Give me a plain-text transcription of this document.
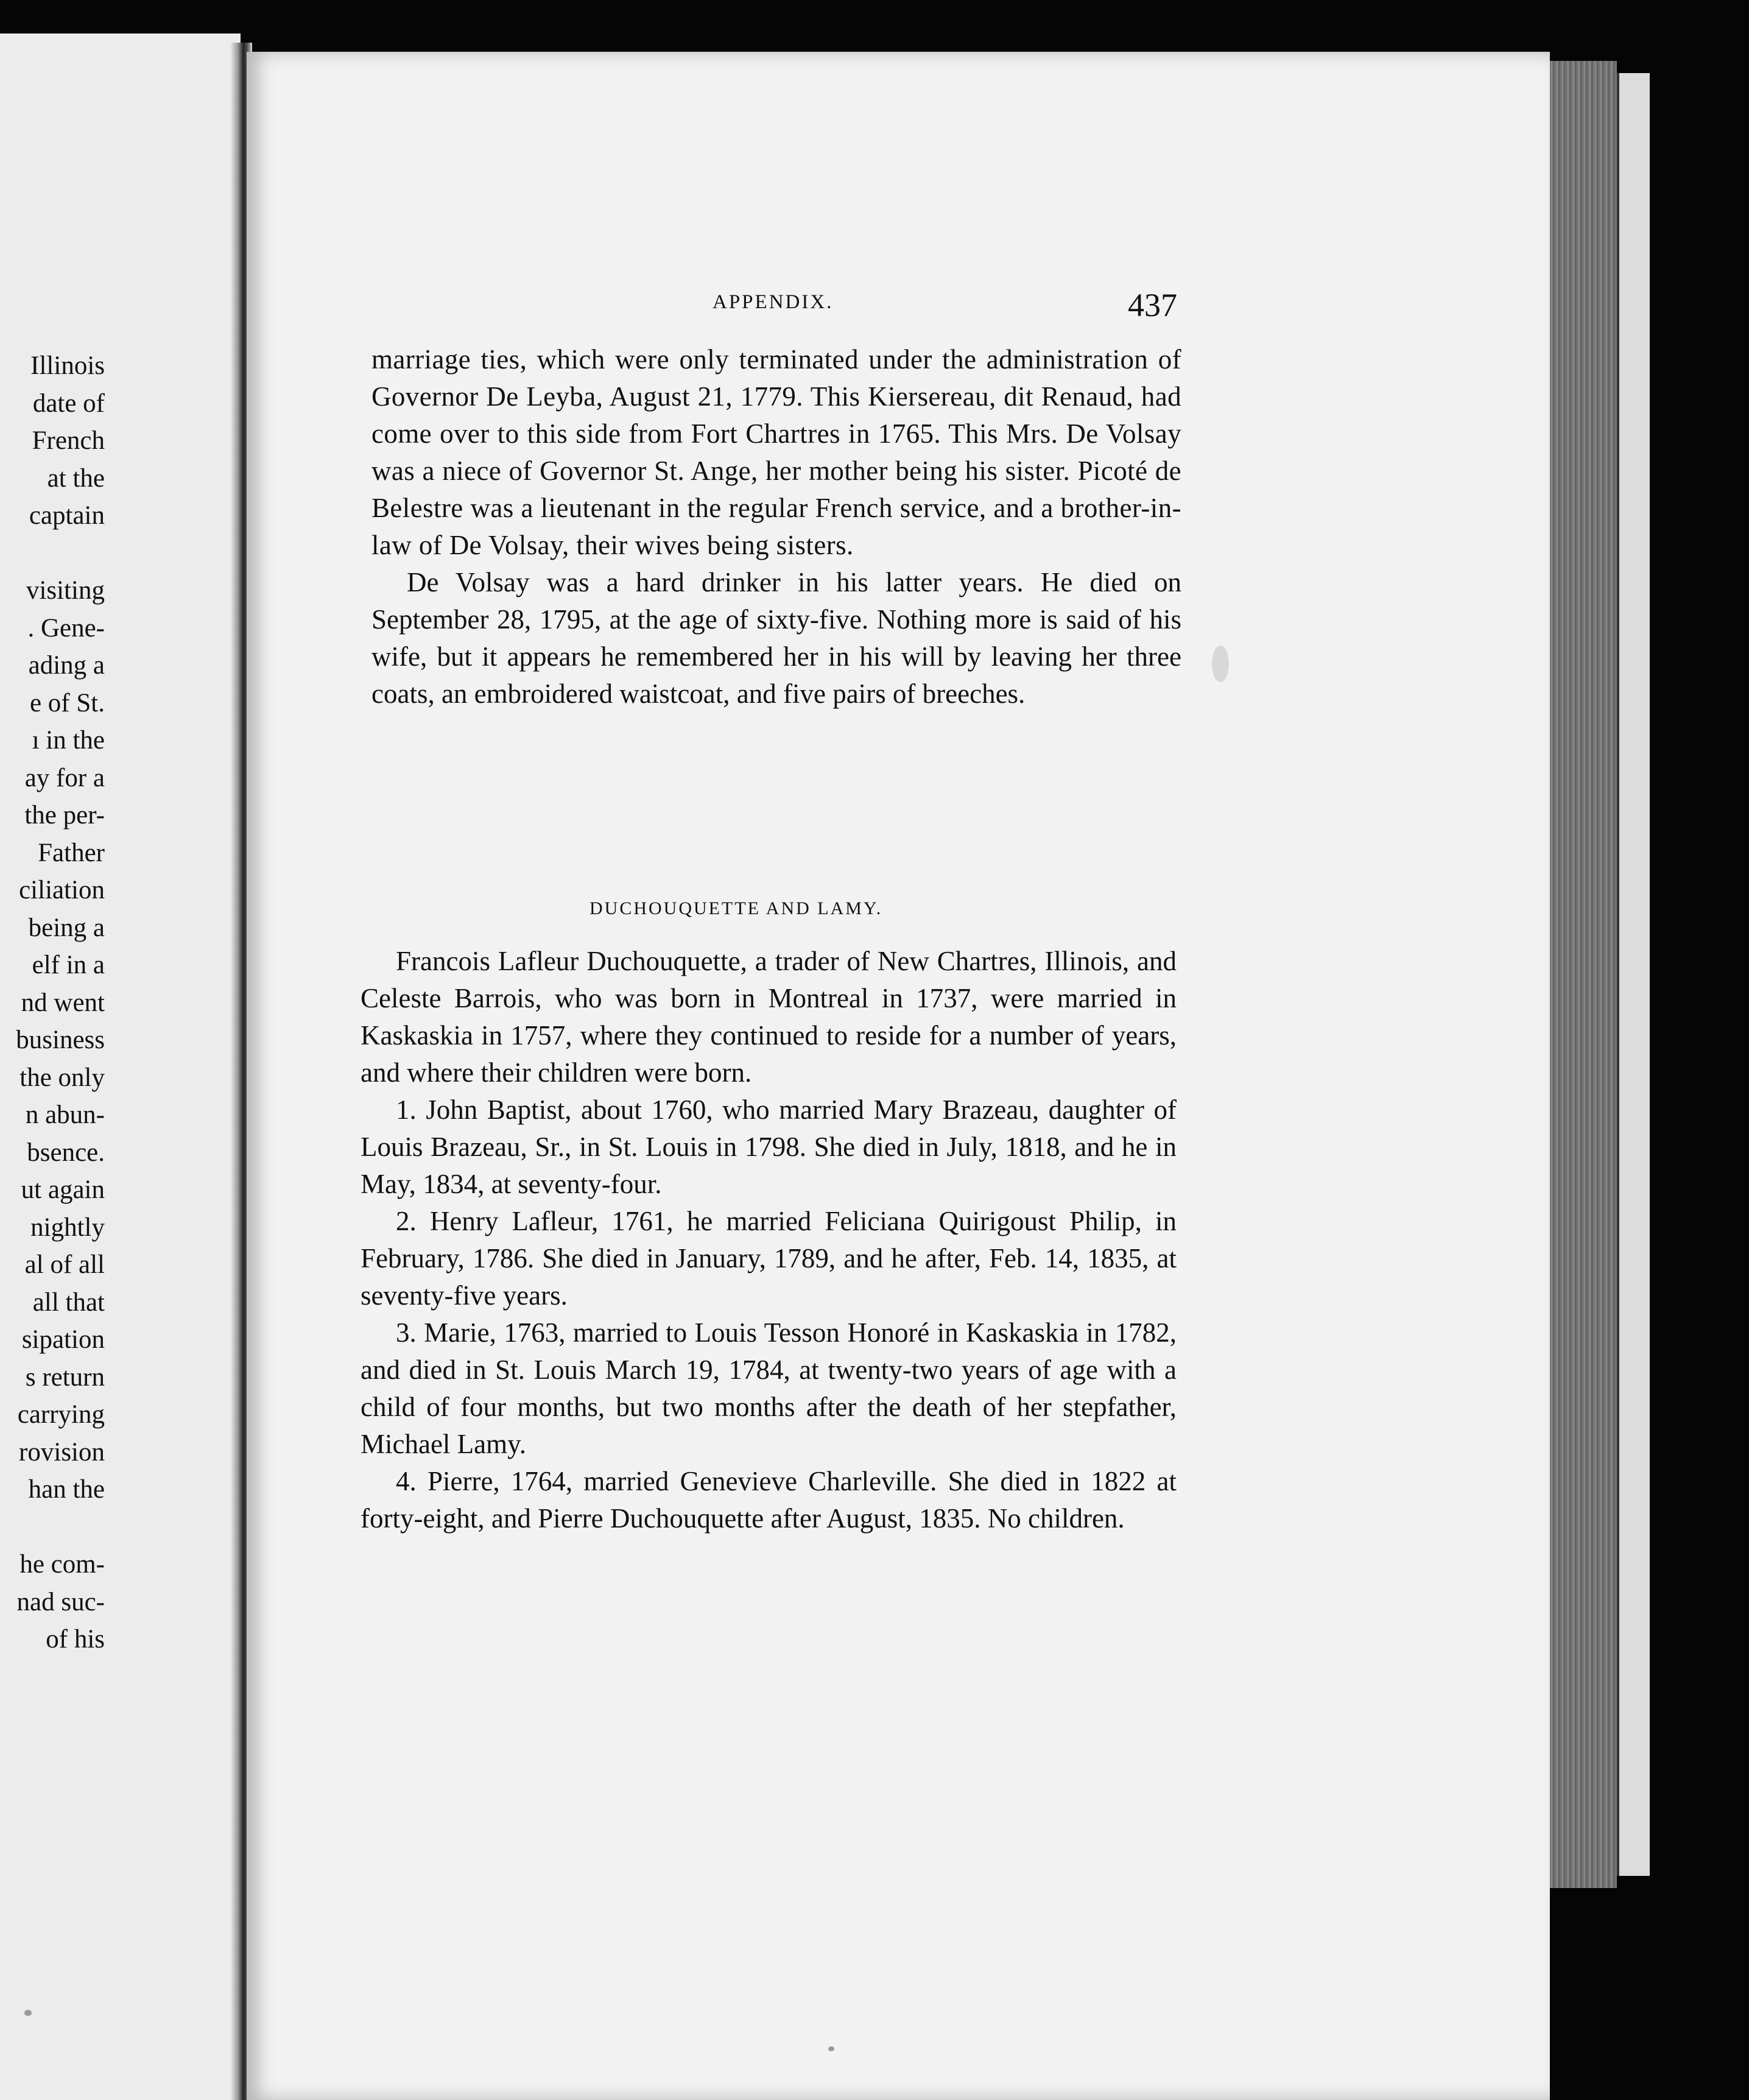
Illinois
date of
French
at the
captain

visiting
. Gene-
ading a
e of St.
ı in the
ay for a
the per-
Father
ciliation
being a
elf in a
nd went
business
the only
n abun-
bsence.
ut again
nightly
al of all
all that
sipation
s return
carrying
rovision
han the

he com-
nad suc-
of his
APPENDIX.	437

marriage ties, which were only terminated under the administration of Governor De Leyba, August 21, 1779. This Kiersereau, dit Renaud, had come over to this side from Fort Chartres in 1765. This Mrs. De Volsay was a niece of Governor St. Ange, her mother being his sister. Picoté de Belestre was a lieutenant in the regular French service, and a brother-in-law of De Volsay, their wives being sisters.

De Volsay was a hard drinker in his latter years. He died on September 28, 1795, at the age of sixty-five. Nothing more is said of his wife, but it appears he remembered her in his will by leaving her three coats, an embroidered waistcoat, and five pairs of breeches.

DUCHOUQUETTE AND LAMY.

Francois Lafleur Duchouquette, a trader of New Chartres, Illinois, and Celeste Barrois, who was born in Montreal in 1737, were married in Kaskaskia in 1757, where they continued to reside for a number of years, and where their children were born.

1. John Baptist, about 1760, who married Mary Brazeau, daughter of Louis Brazeau, Sr., in St. Louis in 1798. She died in July, 1818, and he in May, 1834, at seventy-four.

2. Henry Lafleur, 1761, he married Feliciana Quirigoust Philip, in February, 1786. She died in January, 1789, and he after, Feb. 14, 1835, at seventy-five years.

3. Marie, 1763, married to Louis Tesson Honoré in Kaskaskia in 1782, and died in St. Louis March 19, 1784, at twenty-two years of age with a child of four months, but two months after the death of her stepfather, Michael Lamy.

4. Pierre, 1764, married Genevieve Charleville. She died in 1822 at forty-eight, and Pierre Duchouquette after August, 1835. No children.
